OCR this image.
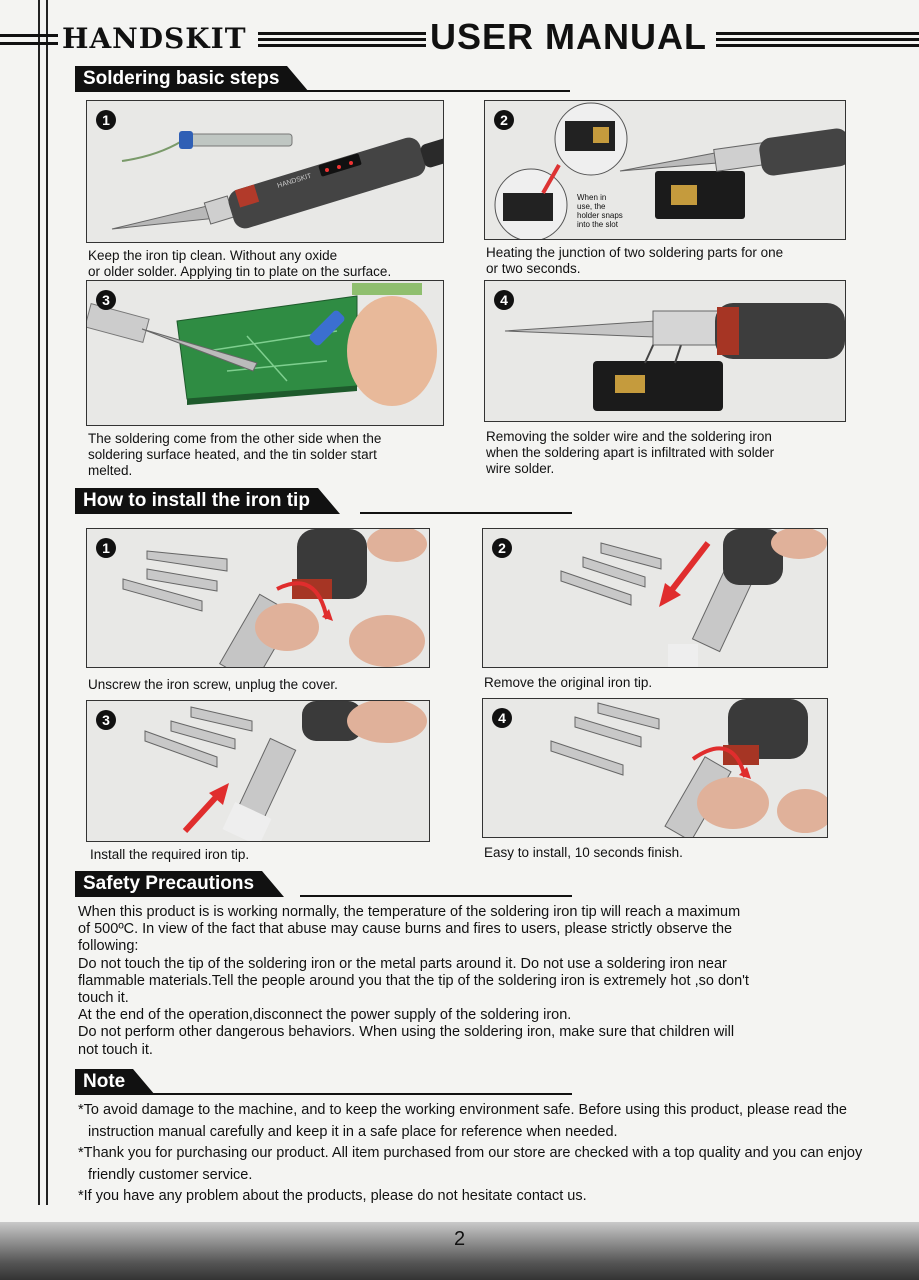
HANDSKIT	USER MANUAL
Soldering basic steps
1
HANDSKIT
Keep the iron tip clean. Without any oxide
or older solder. Applying tin to plate on the surface.
2
When in
use, the
holder snaps
into the slot
Heating the junction of two soldering parts for one
or two seconds.
3
The soldering come from the other side when the
soldering surface heated, and the tin solder start
melted.
4
Removing the solder wire and the soldering iron
when the soldering apart is infiltrated with solder
wire solder.
How to install the iron tip
1
Unscrew the iron screw, unplug the cover.
2
Remove the original iron tip.
3
Install the required iron tip.
4
Easy to install, 10 seconds finish.
Safety Precautions

When this product is is working normally, the temperature of the soldering iron tip will reach a maximum

of 500ºC. In view of the fact that abuse may cause burns and fires to users, please strictly observe the

following:

Do not touch the tip of the soldering iron or the metal parts around it. Do not use a soldering iron near

flammable materials.Tell the people around you that the tip of the soldering iron is extremely hot ,so don't

touch it.

At the end of the operation,disconnect the power supply of the soldering iron.

Do not perform other dangerous behaviors. When using the soldering iron, make sure that children will

not touch it.

Note

*To avoid damage to the machine, and to keep the working environment safe. Before using this product, please read the instruction manual carefully and keep it in a safe place for reference when needed.

*Thank you for purchasing our product. All item purchased from our store are checked with a top quality and you can enjoy friendly customer service.

*If you have any problem about the products, please do not hesitate contact us.

2
